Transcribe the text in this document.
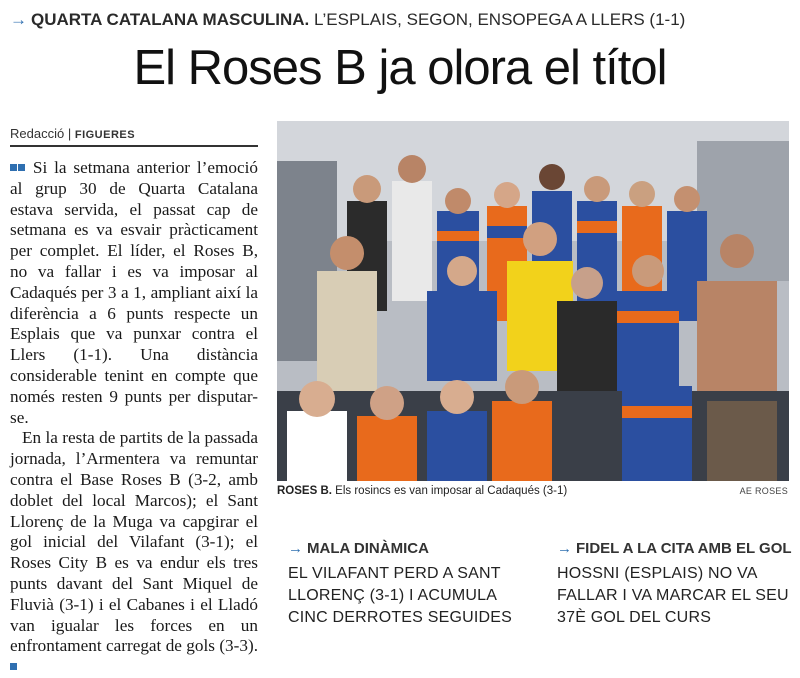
→ QUARTA CATALANA MASCULINA. L’ESPLAIS, SEGON, ENSOPEGA A LLERS (1-1)
El Roses B ja olora el títol
Redacció | FIGUERES

Si la setmana anterior l’emoció al grup 30 de Quarta Catalana estava servida, el passat cap de setmana es va esvair pràcticament per complet. El líder, el Roses B, no va fallar i es va imposar al Cadaqués per 3 a 1, ampliant així la diferència a 6 punts respecte un Esplais que va punxar contra el Llers (1-1). Una distància considerable tenint en compte que només resten 9 punts per disputar-se.

En la resta de partits de la passada jornada, l’Armentera va remuntar contra el Base Roses B (3-2, amb doblet del local Marcos); el Sant Llorenç de la Muga va capgirar el gol inicial del Vilafant (3-1); el Roses City B es va endur els tres punts davant del Sant Miquel de Fluvià (3-1) i el Cabanes i el Lladó van igualar les forces en un enfrontament carregat de gols (3-3).

ROSES B. Els rosincs es van imposar al Cadaqués (3-1)	AE ROSES
→ MALA DINÀMICA
EL VILAFANT PERD A SANT LLORENÇ (3-1) I ACUMULA CINC DERROTES SEGUIDES
→ FIDEL A LA CITA AMB EL GOL
HOSSNI (ESPLAIS) NO VA FALLAR I VA MARCAR EL SEU 37È GOL DEL CURS
